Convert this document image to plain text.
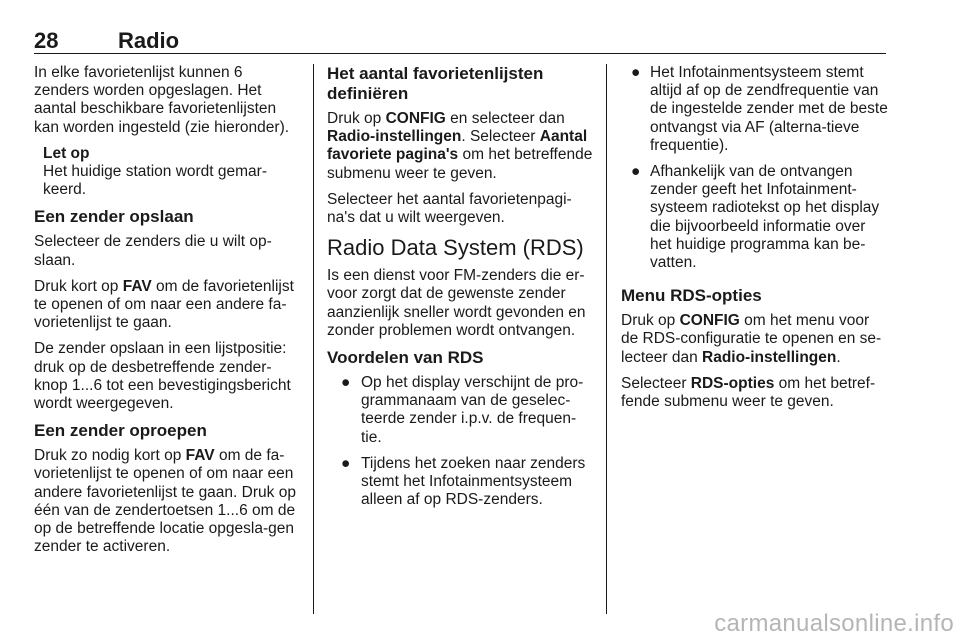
28	Radio

In elke favorietenlijst kunnen 6 zenders worden opgeslagen. Het aantal beschikbare favorietenlijsten kan worden ingesteld (zie hieronder).

Let op
Het huidige station wordt gemar-keerd.
Een zender opslaan

Selecteer de zenders die u wilt op-slaan.

Druk kort op FAV om de favorietenlijst te openen of om naar een andere fa-vorietenlijst te gaan.

De zender opslaan in een lijstpositie: druk op de desbetreffende zender-knop 1...6 tot een bevestigingsbericht wordt weergegeven.

Een zender oproepen

Druk zo nodig kort op FAV om de fa-vorietenlijst te openen of om naar een andere favorietenlijst te gaan. Druk op één van de zendertoetsen 1...6 om de op de betreffende locatie opgesla-gen zender te activeren.

Het aantal favorietenlijsten definiëren

Druk op CONFIG en selecteer dan Radio-instellingen. Selecteer Aantal favoriete pagina's om het betreffende submenu weer te geven.

Selecteer het aantal favorietenpagi-na's dat u wilt weergeven.

Radio Data System (RDS)

Is een dienst voor FM-zenders die er-voor zorgt dat de gewenste zender aanzienlijk sneller wordt gevonden en zonder problemen wordt ontvangen.

Voordelen van RDS
● Op het display verschijnt de pro-grammanaam van de geselec-teerde zender i.p.v. de frequen-tie.
● Tijdens het zoeken naar zenders stemt het Infotainmentsysteem alleen af op RDS-zenders.
● Het Infotainmentsysteem stemt altijd af op de zendfrequentie van de ingestelde zender met de beste ontvangst via AF (alterna-tieve frequentie).
● Afhankelijk van de ontvangen zender geeft het Infotainment-systeem radiotekst op het display die bijvoorbeeld informatie over het huidige programma kan be-vatten.
Menu RDS-opties

Druk op CONFIG om het menu voor de RDS-configuratie te openen en se-lecteer dan Radio-instellingen.

Selecteer RDS-opties om het betref-fende submenu weer te geven.

carmanualsonline.info
